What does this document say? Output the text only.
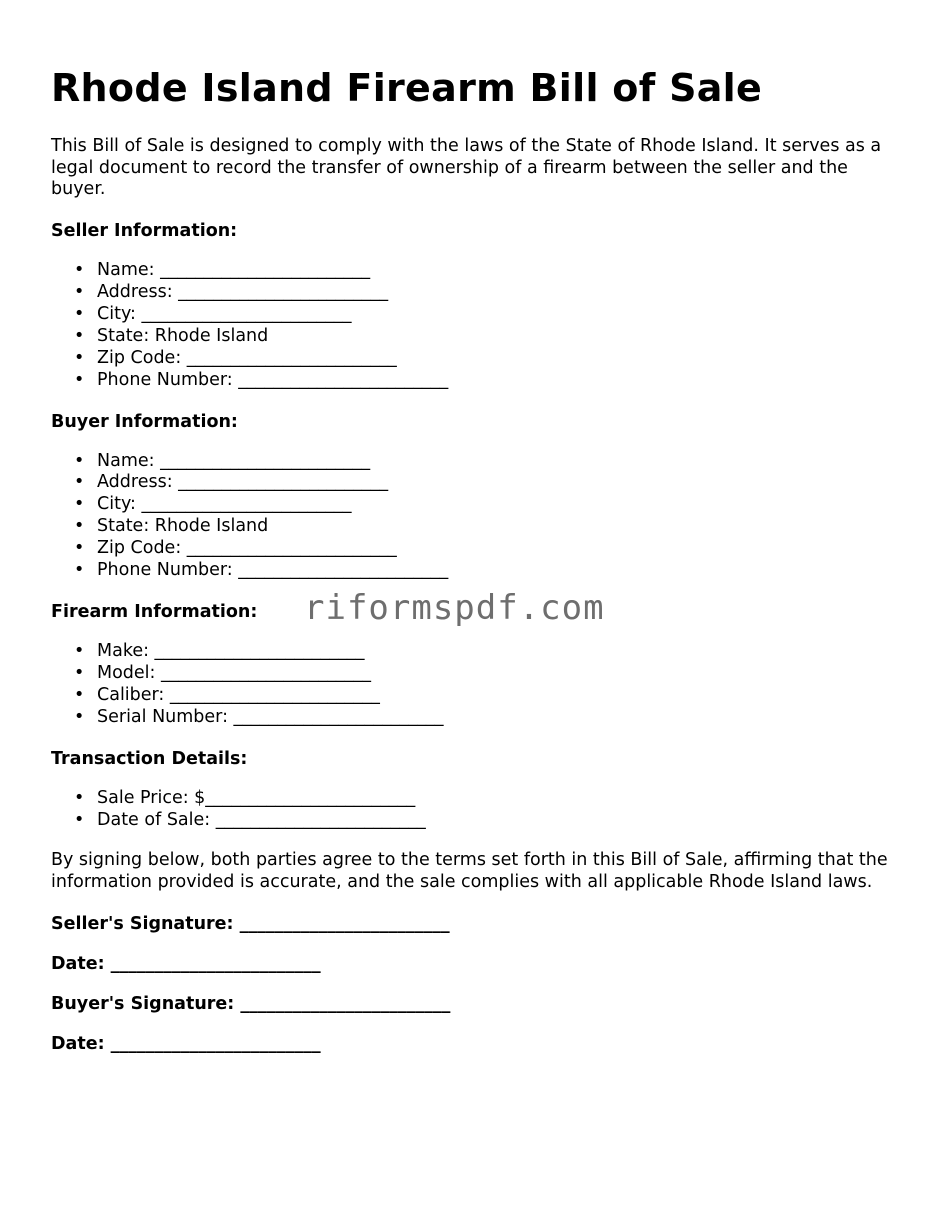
Rhode Island Firearm Bill of Sale

This Bill of Sale is designed to comply with the laws of the State of Rhode Island. It serves as a legal document to record the transfer of ownership of a firearm between the seller and the buyer.

Seller Information:
• Name: ________________________
• Address: ________________________
• City: ________________________
• State: Rhode Island
• Zip Code: ________________________
• Phone Number: ________________________
Buyer Information:
• Name: ________________________
• Address: ________________________
• City: ________________________
• State: Rhode Island
• Zip Code: ________________________
• Phone Number: ________________________
Firearm Information:
• Make: ________________________
• Model: ________________________
• Caliber: ________________________
• Serial Number: ________________________
Transaction Details:
• Sale Price: $________________________
• Date of Sale: ________________________

By signing below, both parties agree to the terms set forth in this Bill of Sale, affirming that the information provided is accurate, and the sale complies with all applicable Rhode Island laws.

Seller's Signature: ________________________

Date: ________________________

Buyer's Signature: ________________________

Date: ________________________

riformspdf.com
